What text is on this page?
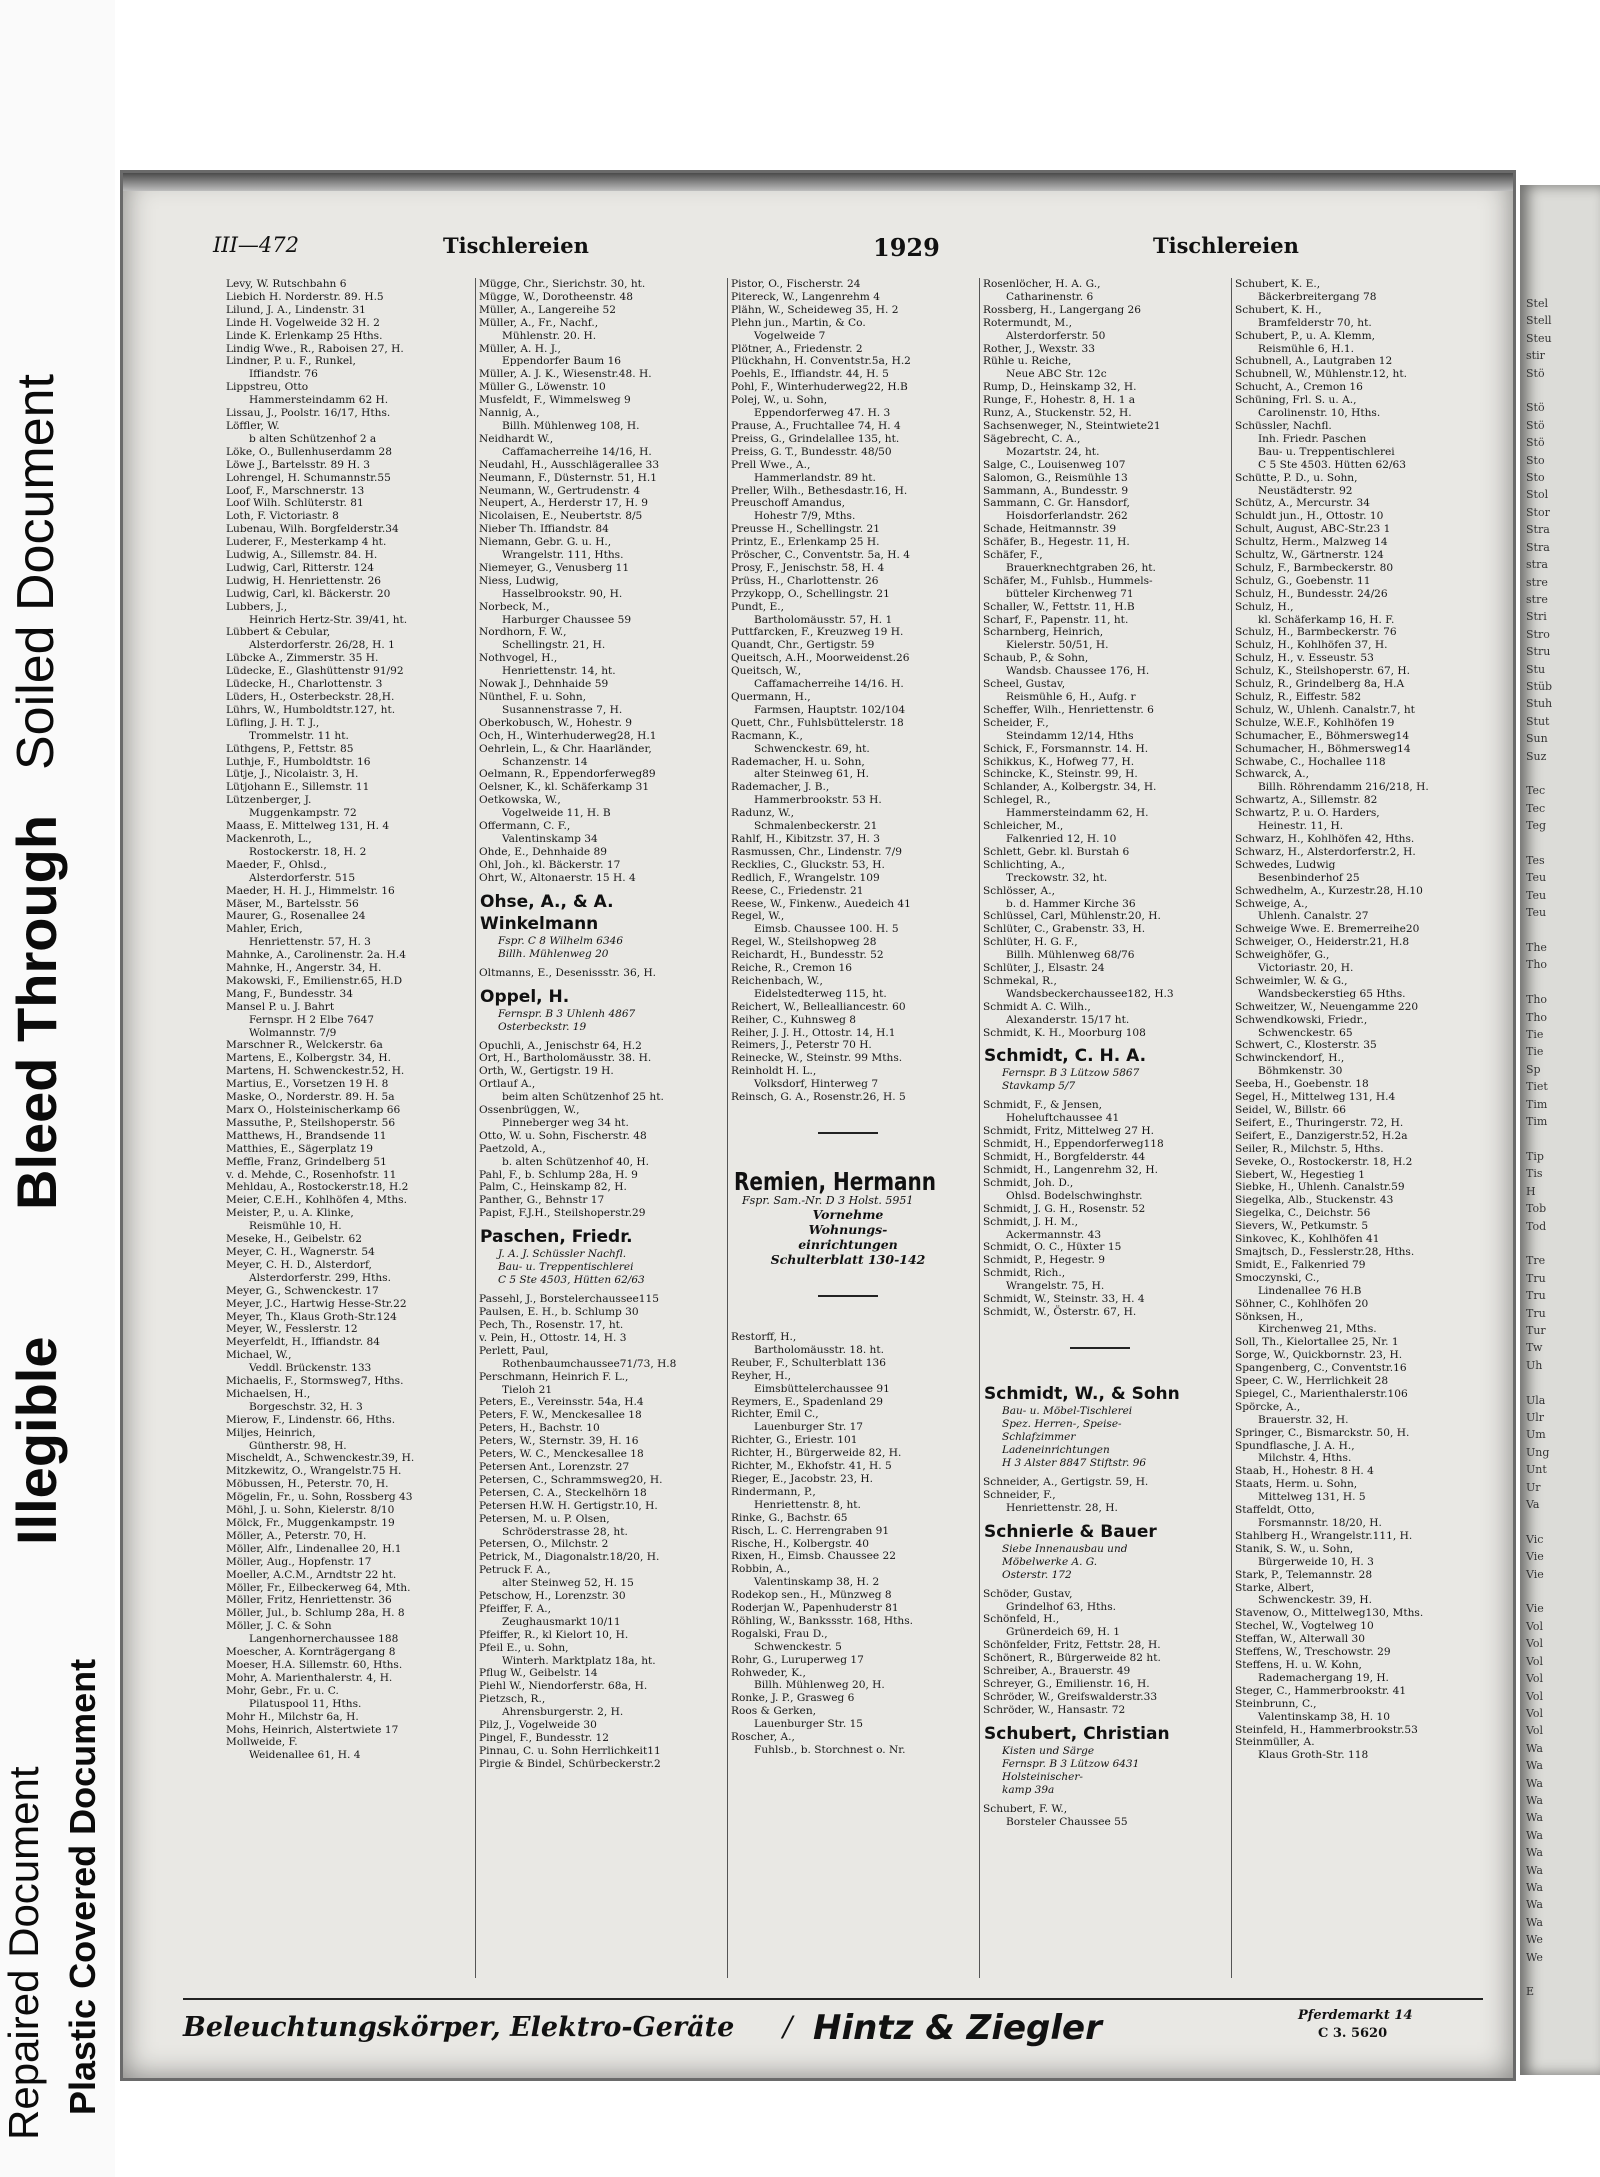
Soiled Document
Bleed Through
Illegible
Repaired Document Plastic Covered Document
Stel
Stell
Steu
stir
Stö

Stö
Stö
Stö
Sto
Sto
Stol
Stor
Stra
Stra
stra
stre
stre
Stri
Stro
Stru
Stu
Stüb
Stuh
Stut
Sun
Suz

Tec
Tec
Teg

Tes
Teu
Teu
Teu

The
Tho

Tho
Tho
Tie
Tie
Sp
Tiet
Tim
Tim

Tip
Tis
H
Tob
Tod

Tre
Tru
Tru
Tru
Tur
Tw
Uh

Ula
Ulr
Um
Ung
Unt
Ur
Va

Vic
Vie
Vie

Vie
Vol
Vol
Vol
Vol
Vol
Vol
Vol
Wa
Wa
Wa
Wa
Wa
Wa
Wa
Wa
Wa
Wa
Wa
We
We

E
III—472	Tischlereien	1929	Tischlereien
Levy, W. Rutschbahn 6
Liebich H. Norderstr. 89. H.5
Lilund, J. A., Lindenstr. 31
Linde H. Vogelweide 32 H. 2
Linde K. Erlenkamp 25 Hths.
Lindig Wwe., R., Raboisen 27, H.
Lindner, P. u. F., Runkel,
Iffiandstr. 76
Lippstreu, Otto
Hammersteindamm 62 H.
Lissau, J., Poolstr. 16/17, Hths.
Löffler, W.
b alten Schützenhof 2 a
Löke, O., Bullenhuserdamm 28
Löwe J., Bartelsstr. 89 H. 3
Lohrengel, H. Schumannstr.55
Loof, F., Marschnerstr. 13
Loof Wilh. Schlüterstr. 81
Loth, F. Victoriastr. 8
Lubenau, Wilh. Borgfelderstr.34
Luderer, F., Mesterkamp 4 ht.
Ludwig, A., Sillemstr. 84. H.
Ludwig, Carl, Ritterstr. 124
Ludwig, H. Henriettenstr. 26
Ludwig, Carl, kl. Bäckerstr. 20
Lubbers, J.,
Heinrich Hertz-Str. 39/41, ht.
Lübbert & Cebular,
Alsterdorferstr. 26/28, H. 1
Lübcke A., Zimmerstr. 35 H.
Lüdecke, E., Glashüttenstr 91/92
Lüdecke, H., Charlottenstr. 3
Lüders, H., Osterbeckstr. 28,H.
Lührs, W., Humboldtstr.127, ht.
Lüfling, J. H. T. J.,
Trommelstr. 11 ht.
Lüthgens, P., Fettstr. 85
Luthje, F., Humboldtstr. 16
Lütje, J., Nicolaistr. 3, H.
Lütjohann E., Sillemstr. 11
Lützenberger, J.
Muggenkampstr. 72
Maass, E. Mittelweg 131, H. 4
Mackenroth, L.,
Rostockerstr. 18, H. 2
Maeder, F., Ohlsd.,
Alsterdorferstr. 515
Maeder, H. H. J., Himmelstr. 16
Mäser, M., Bartelsstr. 56
Maurer, G., Rosenallee 24
Mahler, Erich,
Henriettenstr. 57, H. 3
Mahnke, A., Carolinenstr. 2a. H.4
Mahnke, H., Angerstr. 34, H.
Makowski, F., Emilienstr.65, H.D
Mang, F., Bundesstr. 34
Mansel P. u. J. Bahrt
Fernspr. H 2 Elbe 7647
Wolmannstr. 7/9
Marschner R., Welckerstr. 6a
Martens, E., Kolbergstr. 34, H.
Martens, H. Schwenckestr.52, H.
Martius, E., Vorsetzen 19 H. 8
Maske, O., Norderstr. 89. H. 5a
Marx O., Holsteinischerkamp 66
Massuthe, P., Steilshoperstr. 56
Matthews, H., Brandsende 11
Matthies, E., Sägerplatz 19
Meffle, Franz, Grindelberg 51
v. d. Mehde, C., Rosenhofstr. 11
Mehldau, A., Rostockerstr.18, H.2
Meier, C.E.H., Kohlhöfen 4, Mths.
Meister, P., u. A. Klinke,
Reismühle 10, H.
Meseke, H., Geibelstr. 62
Meyer, C. H., Wagnerstr. 54
Meyer, C. H. D., Alsterdorf,
Alsterdorferstr. 299, Hths.
Meyer, G., Schwenckestr. 17
Meyer, J.C., Hartwig Hesse-Str.22
Meyer, Th., Klaus Groth-Str.124
Meyer, W., Fesslerstr. 12
Meyerfeldt, H., Iffiandstr. 84
Michael, W.,
Veddl. Brückenstr. 133
Michaelis, F., Stormsweg7, Hths.
Michaelsen, H.,
Borgeschstr. 32, H. 3
Mierow, F., Lindenstr. 66, Hths.
Miljes, Heinrich,
Güntherstr. 98, H.
Mischeldt, A., Schwenckestr.39, H.
Mitzkewitz, O., Wrangelstr.75 H.
Möbussen, H., Peterstr. 70, H.
Mögelin, Fr., u. Sohn, Rossberg 43
Möhl, J. u. Sohn, Kielerstr. 8/10
Mölck, Fr., Muggenkampstr. 19
Möller, A., Peterstr. 70, H.
Möller, Alfr., Lindenallee 20, H.1
Möller, Aug., Hopfenstr. 17
Moeller, A.C.M., Arndtstr 22 ht.
Möller, Fr., Eilbeckerweg 64, Mth.
Möller, Fritz, Henriettenstr. 36
Möller, Jul., b. Schlump 28a, H. 8
Möller, J. C. & Sohn
Langenhornerchaussee 188
Moescher, A. Kornträgergang 8
Moeser, H.A. Sillemstr. 60, Hths.
Mohr, A. Marienthalerstr. 4, H.
Mohr, Gebr., Fr. u. C.
Pilatuspool 11, Hths.
Mohr H., Milchstr 6a, H.
Mohs, Heinrich, Alstertwiete 17
Mollweide, F.
Weidenallee 61, H. 4
Mügge, Chr., Sierichstr. 30, ht.
Mügge, W., Dorotheenstr. 48
Müller, A., Langereihe 52
Müller, A., Fr., Nachf.,
Mühlenstr. 20. H.
Müller, A. H. J.,
Eppendorfer Baum 16
Müller, A. J. K., Wiesenstr.48. H.
Müller G., Löwenstr. 10
Musfeldt, F., Wimmelsweg 9
Nannig, A.,
Billh. Mühlenweg 108, H.
Neidhardt W.,
Caffamacherreihe 14/16, H.
Neudahl, H., Ausschlägerallee 33
Neumann, F., Düsternstr. 51, H.1
Neumann, W., Gertrudenstr. 4
Neupert, A., Herderstr 17, H. 9
Nicolaisen, E., Neubertstr. 8/5
Nieber Th. Iffiandstr. 84
Niemann, Gebr. G. u. H.,
Wrangelstr. 111, Hths.
Niemeyer, G., Venusberg 11
Niess, Ludwig,
Hasselbrookstr. 90, H.
Norbeck, M.,
Harburger Chaussee 59
Nordhorn, F. W.,
Schellingstr. 21, H.
Nothvogel, H.,
Henriettenstr. 14, ht.
Nowak J., Dehnhaide 59
Nünthel, F. u. Sohn,
Susannenstrasse 7, H.
Oberkobusch, W., Hohestr. 9
Och, H., Winterhuderweg28, H.1
Oehrlein, L., & Chr. Haarländer,
Schanzenstr. 14
Oelmann, R., Eppendorferweg89
Oelsner, K., kl. Schäferkamp 31
Oetkowska, W.,
Vogelweide 11, H. B
Offermann, C. F.,
Valentinskamp 34
Ohde, E., Dehnhaide 89
Ohl, Joh., kl. Bäckerstr. 17
Ohrt, W., Altonaerstr. 15 H. 4
Ohse, A., & A. Winkelmann
Fspr. C 8 Wilhelm 6346
Billh. Mühlenweg 20
Oltmanns, E., Desenissstr. 36, H.
Oppel, H.
Fernspr. B 3 Uhlenh 4867
Osterbeckstr. 19
Opuchli, A., Jenischstr 64, H.2
Ort, H., Bartholomäusstr. 38. H.
Orth, W., Gertigstr. 19 H.
Ortlauf A.,
beim alten Schützenhof 25 ht.
Ossenbrüggen, W.,
Pinneberger weg 34 ht.
Otto, W. u. Sohn, Fischerstr. 48
Paetzold, A.,
b. alten Schützenhof 40, H.
Pahl, F., b. Schlump 28a, H. 9
Palm, C., Heinskamp 82, H.
Panther, G., Behnstr 17
Papist, F.J.H., Steilshoperstr.29
Paschen, Friedr.
J. A. J. Schüssler Nachfl.
Bau- u. Treppentischlerei
C 5 Ste 4503, Hütten 62/63
Passehl, J., Borstelerchaussee115
Paulsen, E. H., b. Schlump 30
Pech, Th., Rosenstr. 17, ht.
v. Pein, H., Ottostr. 14, H. 3
Perlett, Paul,
Rothenbaumchaussee71/73, H.8
Perschmann, Heinrich F. L.,
Tieloh 21
Peters, E., Vereinsstr. 54a, H.4
Peters, F. W., Menckesallee 18
Peters, H., Bachstr. 10
Peters, W., Sternstr. 39, H. 16
Peters, W. C., Menckesallee 18
Petersen Ant., Lorenzstr. 27
Petersen, C., Schrammsweg20, H.
Petersen, C. A., Steckelhörn 18
Petersen H.W. H. Gertigstr.10, H.
Petersen, M. u. P. Olsen,
Schröderstrasse 28, ht.
Petersen, O., Milchstr. 2
Petrick, M., Diagonalstr.18/20, H.
Petruck F. A.,
alter Steinweg 52, H. 15
Petschow, H., Lorenzstr. 30
Pfeiffer, F. A.,
Zeughausmarkt 10/11
Pfeiffer, R., kl Kielort 10, H.
Pfeil E., u. Sohn,
Winterh. Marktplatz 18a, ht.
Pflug W., Geibelstr. 14
Piehl W., Niendorferstr. 68a, H.
Pietzsch, R.,
Ahrensburgerstr. 2, H.
Pilz, J., Vogelweide 30
Pingel, F., Bundesstr. 12
Pinnau, C. u. Sohn Herrlichkeit11
Pirgie & Bindel, Schürbeckerstr.2
Pistor, O., Fischerstr. 24
Pitereck, W., Langenrehm 4
Plähn, W., Scheideweg 35, H. 2
Plehn jun., Martin, & Co.
Vogelweide 7
Plötner, A., Friedenstr. 2
Plückhahn, H. Conventstr.5a, H.2
Poehls, E., Iffiandstr. 44, H. 5
Pohl, F., Winterhuderweg22, H.B
Polej, W., u. Sohn,
Eppendorferweg 47. H. 3
Prause, A., Fruchtallee 74, H. 4
Preiss, G., Grindelallee 135, ht.
Preiss, G. T., Bundesstr. 48/50
Prell Wwe., A.,
Hammerlandstr. 89 ht.
Preller, Wilh., Bethesdastr.16, H.
Preuschoff Amandus,
Hohestr 7/9, Mths.
Preusse H., Schellingstr. 21
Printz, E., Erlenkamp 25 H.
Pröscher, C., Conventstr. 5a, H. 4
Prosy, F., Jenischstr. 58, H. 4
Prüss, H., Charlottenstr. 26
Przykopp, O., Schellingstr. 21
Pundt, E.,
Bartholomäusstr. 57, H. 1
Puttfarcken, F., Kreuzweg 19 H.
Quandt, Chr., Gertigstr. 59
Queitsch, A.H., Moorweidenst.26
Queitsch, W.,
Caffamacherreihe 14/16. H.
Quermann, H.,
Farmsen, Hauptstr. 102/104
Quett, Chr., Fuhlsbüttelerstr. 18
Racmann, K.,
Schwenckestr. 69, ht.
Rademacher, H. u. Sohn,
alter Steinweg 61, H.
Rademacher, J. B.,
Hammerbrookstr. 53 H.
Radunz, W.,
Schmalenbeckerstr. 21
Rahlf, H., Kibitzstr. 37, H. 3
Rasmussen, Chr., Lindenstr. 7/9
Recklies, C., Gluckstr. 53, H.
Redlich, F., Wrangelstr. 109
Reese, C., Friedenstr. 21
Reese, W., Finkenw., Auedeich 41
Regel, W.,
Eimsb. Chaussee 100. H. 5
Regel, W., Steilshopweg 28
Reichardt, H., Bundesstr. 52
Reiche, R., Cremon 16
Reichenbach, W.,
Eidelstedterweg 115, ht.
Reichert, W., Bellealliancestr. 60
Reiher, C., Kuhnsweg 8
Reiher, J. J. H., Ottostr. 14, H.1
Reimers, J., Peterstr 70 H.
Reinecke, W., Steinstr. 99 Mths.
Reinholdt H. L.,
Volksdorf, Hinterweg 7
Reinsch, G. A., Rosenstr.26, H. 5
Remien, Hermann
Fspr. Sam.-Nr. D 3 Holst. 5951
Vornehme
Wohnungs-
einrichtungen
Schulterblatt 130-142
Restorff, H.,
Bartholomäusstr. 18. ht.
Reuber, F., Schulterblatt 136
Reyher, H.,
Eimsbüttelerchaussee 91
Reymers, E., Spadenland 29
Richter, Emil C.,
Lauenburger Str. 17
Richter, G., Eriestr. 101
Richter, H., Bürgerweide 82, H.
Richter, M., Ekhofstr. 41, H. 5
Rieger, E., Jacobstr. 23, H.
Rindermann, P.,
Henriettenstr. 8, ht.
Rinke, G., Bachstr. 65
Risch, L. C. Herrengraben 91
Rische, H., Kolbergstr. 40
Rixen, H., Eimsb. Chaussee 22
Robbin, A.,
Valentinskamp 38, H. 2
Rodekop sen., H., Münzweg 8
Roderjan W., Papenhuderstr 81
Röhling, W., Bankssstr. 168, Hths.
Rogalski, Frau D.,
Schwenckestr. 5
Rohr, G., Luruperweg 17
Rohweder, K.,
Billh. Mühlenweg 20, H.
Ronke, J. P., Grasweg 6
Roos & Gerken,
Lauenburger Str. 15
Roscher, A.,
Fuhlsb., b. Storchnest o. Nr.
Rosenlöcher, H. A. G.,
Catharinenstr. 6
Rossberg, H., Langergang 26
Rotermundt, M.,
Alsterdorferstr. 50
Rother, J., Wexstr. 33
Rühle u. Reiche,
Neue ABC Str. 12c
Rump, D., Heinskamp 32, H.
Runge, F., Hohestr. 8, H. 1 a
Runz, A., Stuckenstr. 52, H.
Sachsenweger, N., Steintwiete21
Sägebrecht, C. A.,
Mozartstr. 24, ht.
Salge, C., Louisenweg 107
Salomon, G., Reismühle 13
Sammann, A., Bundesstr. 9
Sammann, C. Gr. Hansdorf,
Hoisdorferlandstr. 262
Schade, Heitmannstr. 39
Schäfer, B., Hegestr. 11, H.
Schäfer, F.,
Brauerknechtgraben 26, ht.
Schäfer, M., Fuhlsb., Hummels-
bütteler Kirchenweg 71
Schaller, W., Fettstr. 11, H.B
Scharf, F., Papenstr. 11, ht.
Scharnberg, Heinrich,
Kielerstr. 50/51, H.
Schaub, P., & Sohn,
Wandsb. Chaussee 176, H.
Scheel, Gustav,
Reismühle 6, H., Aufg. r
Scheffer, Wilh., Henriettenstr. 6
Scheider, F.,
Steindamm 12/14, Hths
Schick, F., Forsmannstr. 14. H.
Schikkus, K., Hofweg 77, H.
Schincke, K., Steinstr. 99, H.
Schlander, A., Kolbergstr. 34, H.
Schlegel, R.,
Hammersteindamm 62, H.
Schleicher, M.,
Falkenried 12, H. 10
Schlett, Gebr. kl. Burstah 6
Schlichting, A.,
Treckowstr. 32, ht.
Schlösser, A.,
b. d. Hammer Kirche 36
Schlüssel, Carl, Mühlenstr.20, H.
Schlüter, C., Grabenstr. 33, H.
Schlüter, H. G. F.,
Billh. Mühlenweg 68/76
Schlüter, J., Elsastr. 24
Schmekal, R.,
Wandsbeckerchaussee182, H.3
Schmidt A. C. Wilh.,
Alexanderstr. 15/17 ht.
Schmidt, K. H., Moorburg 108
Schmidt, C. H. A.
Fernspr. B 3 Lützow 5867
Stavkamp 5/7
Schmidt, F., & Jensen,
Hoheluftchaussee 41
Schmidt, Fritz, Mittelweg 27 H.
Schmidt, H., Eppendorferweg118
Schmidt, H., Borgfelderstr. 44
Schmidt, H., Langenrehm 32, H.
Schmidt, Joh. D.,
Ohlsd. Bodelschwinghstr.
Schmidt, J. G. H., Rosenstr. 52
Schmidt, J. H. M.,
Ackermannstr. 43
Schmidt, O. C., Hüxter 15
Schmidt, P., Hegestr. 9
Schmidt, Rich.,
Wrangelstr. 75, H.
Schmidt, W., Steinstr. 33, H. 4
Schmidt, W., Österstr. 67, H.
Schmidt, W., & Sohn
Bau- u. Möbel-Tischlerei
Spez. Herren-, Speise-
Schlafzimmer
Ladeneinrichtungen
H 3 Alster 8847 Stiftstr. 96
Schneider, A., Gertigstr. 59, H.
Schneider, F.,
Henriettenstr. 28, H.
Schnierle & Bauer
Siebe Innenausbau und
Möbelwerke A. G.
Osterstr. 172
Schöder, Gustav,
Grindelhof 63, Hths.
Schönfeld, H.,
Grünerdeich 69, H. 1
Schönfelder, Fritz, Fettstr. 28, H.
Schönert, R., Bürgerweide 82 ht.
Schreiber, A., Brauerstr. 49
Schreyer, G., Emilienstr. 16, H.
Schröder, W., Greifswalderstr.33
Schröder, W., Hansastr. 72
Schubert, Christian
Kisten und Särge
Fernspr. B 3 Lützow 6431
Holsteinischer-
kamp 39a
Schubert, F. W.,
Borsteler Chaussee 55
Schubert, K. E.,
Bäckerbreitergang 78
Schubert, K. H.,
Bramfelderstr 70, ht.
Schubert, P., u. A. Klemm,
Reismühle 6, H.1.
Schubnell, A., Lautgraben 12
Schubnell, W., Mühlenstr.12, ht.
Schucht, A., Cremon 16
Schüning, Frl. S. u. A.,
Carolinenstr. 10, Hths.
Schüssler, Nachfl.
Inh. Friedr. Paschen
Bau- u. Treppentischlerei
C 5 Ste 4503. Hütten 62/63
Schütte, P. D., u. Sohn,
Neustädterstr. 92
Schütz, A., Mercurstr. 34
Schuldt jun., H., Ottostr. 10
Schult, August, ABC-Str.23 1
Schultz, Herm., Malzweg 14
Schultz, W., Gärtnerstr. 124
Schulz, F., Barmbeckerstr. 80
Schulz, G., Goebenstr. 11
Schulz, H., Bundesstr. 24/26
Schulz, H.,
kl. Schäferkamp 16, H. F.
Schulz, H., Barmbeckerstr. 76
Schulz, H., Kohlhöfen 37, H.
Schulz, H., v. Esseustr. 53
Schulz, K., Steilshoperstr. 67, H.
Schulz, R., Grindelberg 8a, H.A
Schulz, R., Eiffestr. 582
Schulz, W., Uhlenh. Canalstr.7, ht
Schulze, W.E.F., Kohlhöfen 19
Schumacher, E., Böhmersweg14
Schumacher, H., Böhmersweg14
Schwabe, C., Hochallee 118
Schwarck, A.,
Billh. Röhrendamm 216/218, H.
Schwartz, A., Sillemstr. 82
Schwartz, P. u. O. Harders,
Heinestr. 11, H.
Schwarz, H., Kohlhöfen 42, Hths.
Schwarz, H., Alsterdorferstr.2, H.
Schwedes, Ludwig
Besenbinderhof 25
Schwedhelm, A., Kurzestr.28, H.10
Schweige, A.,
Uhlenh. Canalstr. 27
Schweige Wwe. E. Bremerreihe20
Schweiger, O., Heiderstr.21, H.8
Schweighöfer, G.,
Victoriastr. 20, H.
Schweimler, W. & G.,
Wandsbeckerstieg 65 Hths.
Schweitzer, W., Neuengamme 220
Schwendkowski, Friedr.,
Schwenckestr. 65
Schwert, C., Klosterstr. 35
Schwinckendorf, H.,
Böhmkenstr. 30
Seeba, H., Goebenstr. 18
Segel, H., Mittelweg 131, H.4
Seidel, W., Billstr. 66
Seifert, E., Thuringerstr. 72, H.
Seifert, E., Danzigerstr.52, H.2a
Seiler, R., Milchstr. 5, Hths.
Seveke, O., Rostockerstr. 18, H.2
Siebert, W., Hegestieg 1
Siebke, H., Uhlenh. Canalstr.59
Siegelka, Alb., Stuckenstr. 43
Siegelka, C., Deichstr. 56
Sievers, W., Petkumstr. 5
Sinkovec, K., Kohlhöfen 41
Smajtsch, D., Fesslerstr.28, Hths.
Smidt, E., Falkenried 79
Smoczynski, C.,
Lindenallee 76 H.B
Söhner, C., Kohlhöfen 20
Sönksen, H.,
Kirchenweg 21, Mths.
Soll, Th., Kielortallee 25, Nr. 1
Sorge, W., Quickbornstr. 23, H.
Spangenberg, C., Conventstr.16
Speer, C. W., Herrlichkeit 28
Spiegel, C., Marienthalerstr.106
Spörcke, A.,
Brauerstr. 32, H.
Springer, C., Bismarckstr. 50, H.
Spundflasche, J. A. H.,
Milchstr. 4, Hths.
Staab, H., Hohestr. 8 H. 4
Staats, Herm. u. Sohn,
Mittelweg 131, H. 5
Staffeldt, Otto,
Forsmannstr. 18/20, H.
Stahlberg H., Wrangelstr.111, H.
Stanik, S. W., u. Sohn,
Bürgerweide 10, H. 3
Stark, P., Telemannstr. 28
Starke, Albert,
Schwenckestr. 39, H.
Stavenow, O., Mittelweg130, Mths.
Stechel, W., Vogtelweg 10
Steffan, W., Alterwall 30
Steffens, W., Treschowstr. 29
Steffens, H. u. W. Kohn,
Rademachergang 19, H.
Steger, C., Hammerbrookstr. 41
Steinbrunn, C.,
Valentinskamp 38, H. 10
Steinfeld, H., Hammerbrookstr.53
Steinmüller, A.
Klaus Groth-Str. 118
Beleuchtungskörper, Elektro-Geräte / Hintz & Ziegler	Pferdemarkt 14
C 3. 5620
